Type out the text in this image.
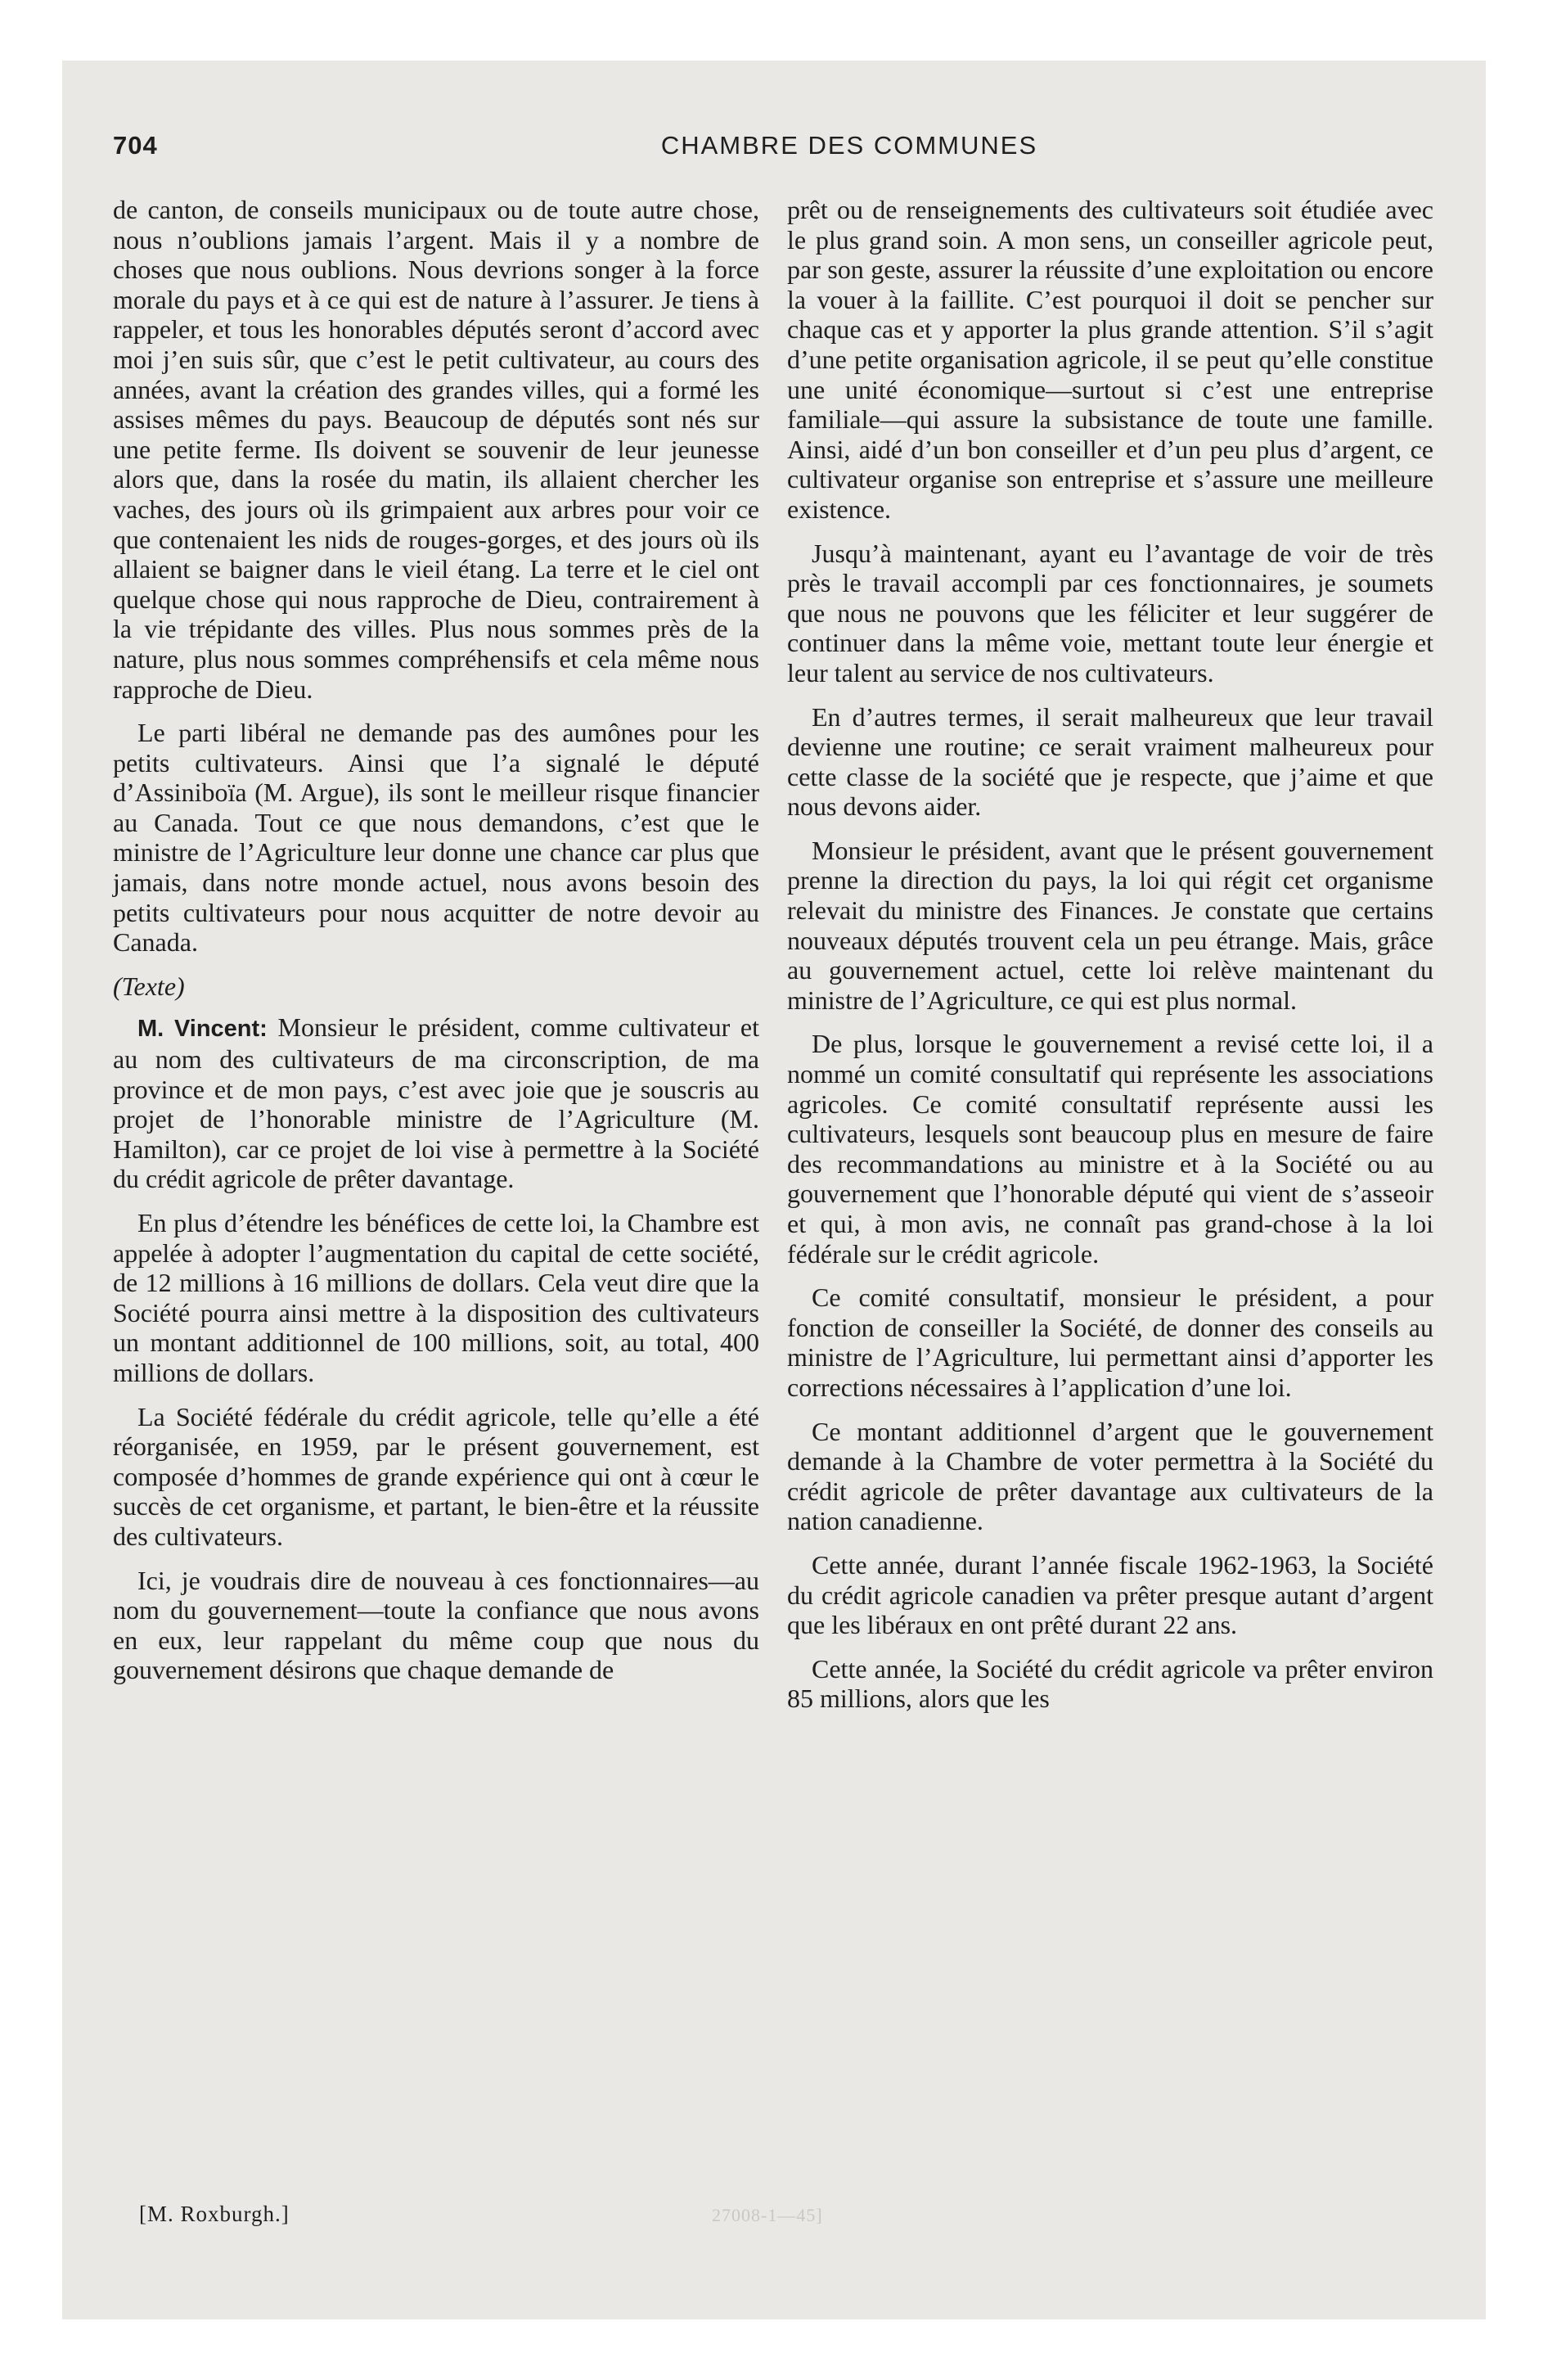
704	CHAMBRE DES COMMUNES

de canton, de conseils municipaux ou de toute autre chose, nous n’oublions jamais l’argent. Mais il y a nombre de choses que nous oublions. Nous devrions songer à la force morale du pays et à ce qui est de nature à l’assurer. Je tiens à rappeler, et tous les honorables députés seront d’accord avec moi j’en suis sûr, que c’est le petit cultivateur, au cours des années, avant la création des grandes villes, qui a formé les assises mêmes du pays. Beaucoup de députés sont nés sur une petite ferme. Ils doivent se souvenir de leur jeunesse alors que, dans la rosée du matin, ils allaient chercher les vaches, des jours où ils grimpaient aux arbres pour voir ce que contenaient les nids de rouges-gorges, et des jours où ils allaient se baigner dans le vieil étang. La terre et le ciel ont quelque chose qui nous rapproche de Dieu, contrairement à la vie trépidante des villes. Plus nous sommes près de la nature, plus nous sommes compréhensifs et cela même nous rapproche de Dieu.

Le parti libéral ne demande pas des aumônes pour les petits cultivateurs. Ainsi que l’a signalé le député d’Assiniboïa (M. Argue), ils sont le meilleur risque financier au Canada. Tout ce que nous demandons, c’est que le ministre de l’Agriculture leur donne une chance car plus que jamais, dans notre monde actuel, nous avons besoin des petits cultivateurs pour nous acquitter de notre devoir au Canada.

(Texte)

M. Vincent: Monsieur le président, comme cultivateur et au nom des cultivateurs de ma circonscription, de ma province et de mon pays, c’est avec joie que je souscris au projet de l’honorable ministre de l’Agriculture (M. Hamilton), car ce projet de loi vise à permettre à la Société du crédit agricole de prêter davantage.

En plus d’étendre les bénéfices de cette loi, la Chambre est appelée à adopter l’augmentation du capital de cette société, de 12 millions à 16 millions de dollars. Cela veut dire que la Société pourra ainsi mettre à la disposition des cultivateurs un montant additionnel de 100 millions, soit, au total, 400 millions de dollars.

La Société fédérale du crédit agricole, telle qu’elle a été réorganisée, en 1959, par le présent gouvernement, est composée d’hommes de grande expérience qui ont à cœur le succès de cet organisme, et partant, le bien-être et la réussite des cultivateurs.

Ici, je voudrais dire de nouveau à ces fonctionnaires—au nom du gouvernement—toute la confiance que nous avons en eux, leur rappelant du même coup que nous du gouvernement désirons que chaque demande de

prêt ou de renseignements des cultivateurs soit étudiée avec le plus grand soin. A mon sens, un conseiller agricole peut, par son geste, assurer la réussite d’une exploitation ou encore la vouer à la faillite. C’est pourquoi il doit se pencher sur chaque cas et y apporter la plus grande attention. S’il s’agit d’une petite organisation agricole, il se peut qu’elle constitue une unité économique—surtout si c’est une entreprise familiale—qui assure la subsistance de toute une famille. Ainsi, aidé d’un bon conseiller et d’un peu plus d’argent, ce cultivateur organise son entreprise et s’assure une meilleure existence.

Jusqu’à maintenant, ayant eu l’avantage de voir de très près le travail accompli par ces fonctionnaires, je soumets que nous ne pouvons que les féliciter et leur suggérer de continuer dans la même voie, mettant toute leur énergie et leur talent au service de nos cultivateurs.

En d’autres termes, il serait malheureux que leur travail devienne une routine; ce serait vraiment malheureux pour cette classe de la société que je respecte, que j’aime et que nous devons aider.

Monsieur le président, avant que le présent gouvernement prenne la direction du pays, la loi qui régit cet organisme relevait du ministre des Finances. Je constate que certains nouveaux députés trouvent cela un peu étrange. Mais, grâce au gouvernement actuel, cette loi relève maintenant du ministre de l’Agriculture, ce qui est plus normal.

De plus, lorsque le gouvernement a revisé cette loi, il a nommé un comité consultatif qui représente les associations agricoles. Ce comité consultatif représente aussi les cultivateurs, lesquels sont beaucoup plus en mesure de faire des recommandations au ministre et à la Société ou au gouvernement que l’honorable député qui vient de s’asseoir et qui, à mon avis, ne connaît pas grand-chose à la loi fédérale sur le crédit agricole.

Ce comité consultatif, monsieur le président, a pour fonction de conseiller la Société, de donner des conseils au ministre de l’Agriculture, lui permettant ainsi d’apporter les corrections nécessaires à l’application d’une loi.

Ce montant additionnel d’argent que le gouvernement demande à la Chambre de voter permettra à la Société du crédit agricole de prêter davantage aux cultivateurs de la nation canadienne.

Cette année, durant l’année fiscale 1962-1963, la Société du crédit agricole canadien va prêter presque autant d’argent que les libéraux en ont prêté durant 22 ans.

Cette année, la Société du crédit agricole va prêter environ 85 millions, alors que les

[M. Roxburgh.]	27008-1—45]
